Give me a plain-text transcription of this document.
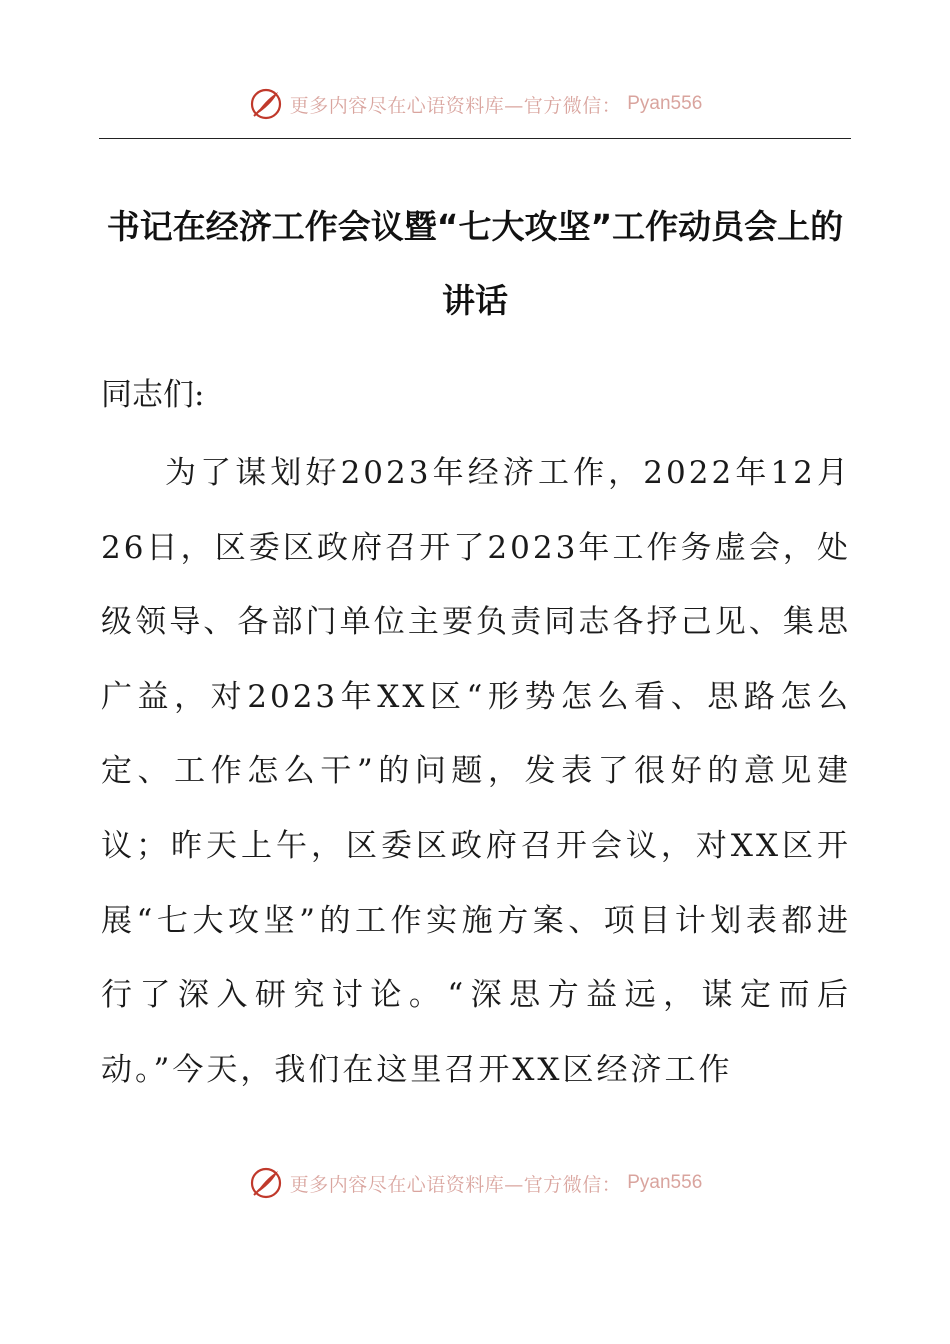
更多内容尽在心语资料库—官方微信： Pyan556
书记在经济工作会议暨“七大攻坚”工作动员会上的讲话

同志们:

为了谋划好2023年经济工作，2022年12月26日，区委区政府召开了2023年工作务虚会，处级领导、各部门单位主要负责同志各抒己见、集思广益，对2023年XX区“形势怎么看、思路怎么定、工作怎么干”的问题，发表了很好的意见建议；昨天上午，区委区政府召开会议，对XX区开展“七大攻坚”的工作实施方案、项目计划表都进行了深入研究讨论。“深思方益远，谋定而后动。”今天，我们在这里召开XX区经济工作

更多内容尽在心语资料库—官方微信： Pyan556
